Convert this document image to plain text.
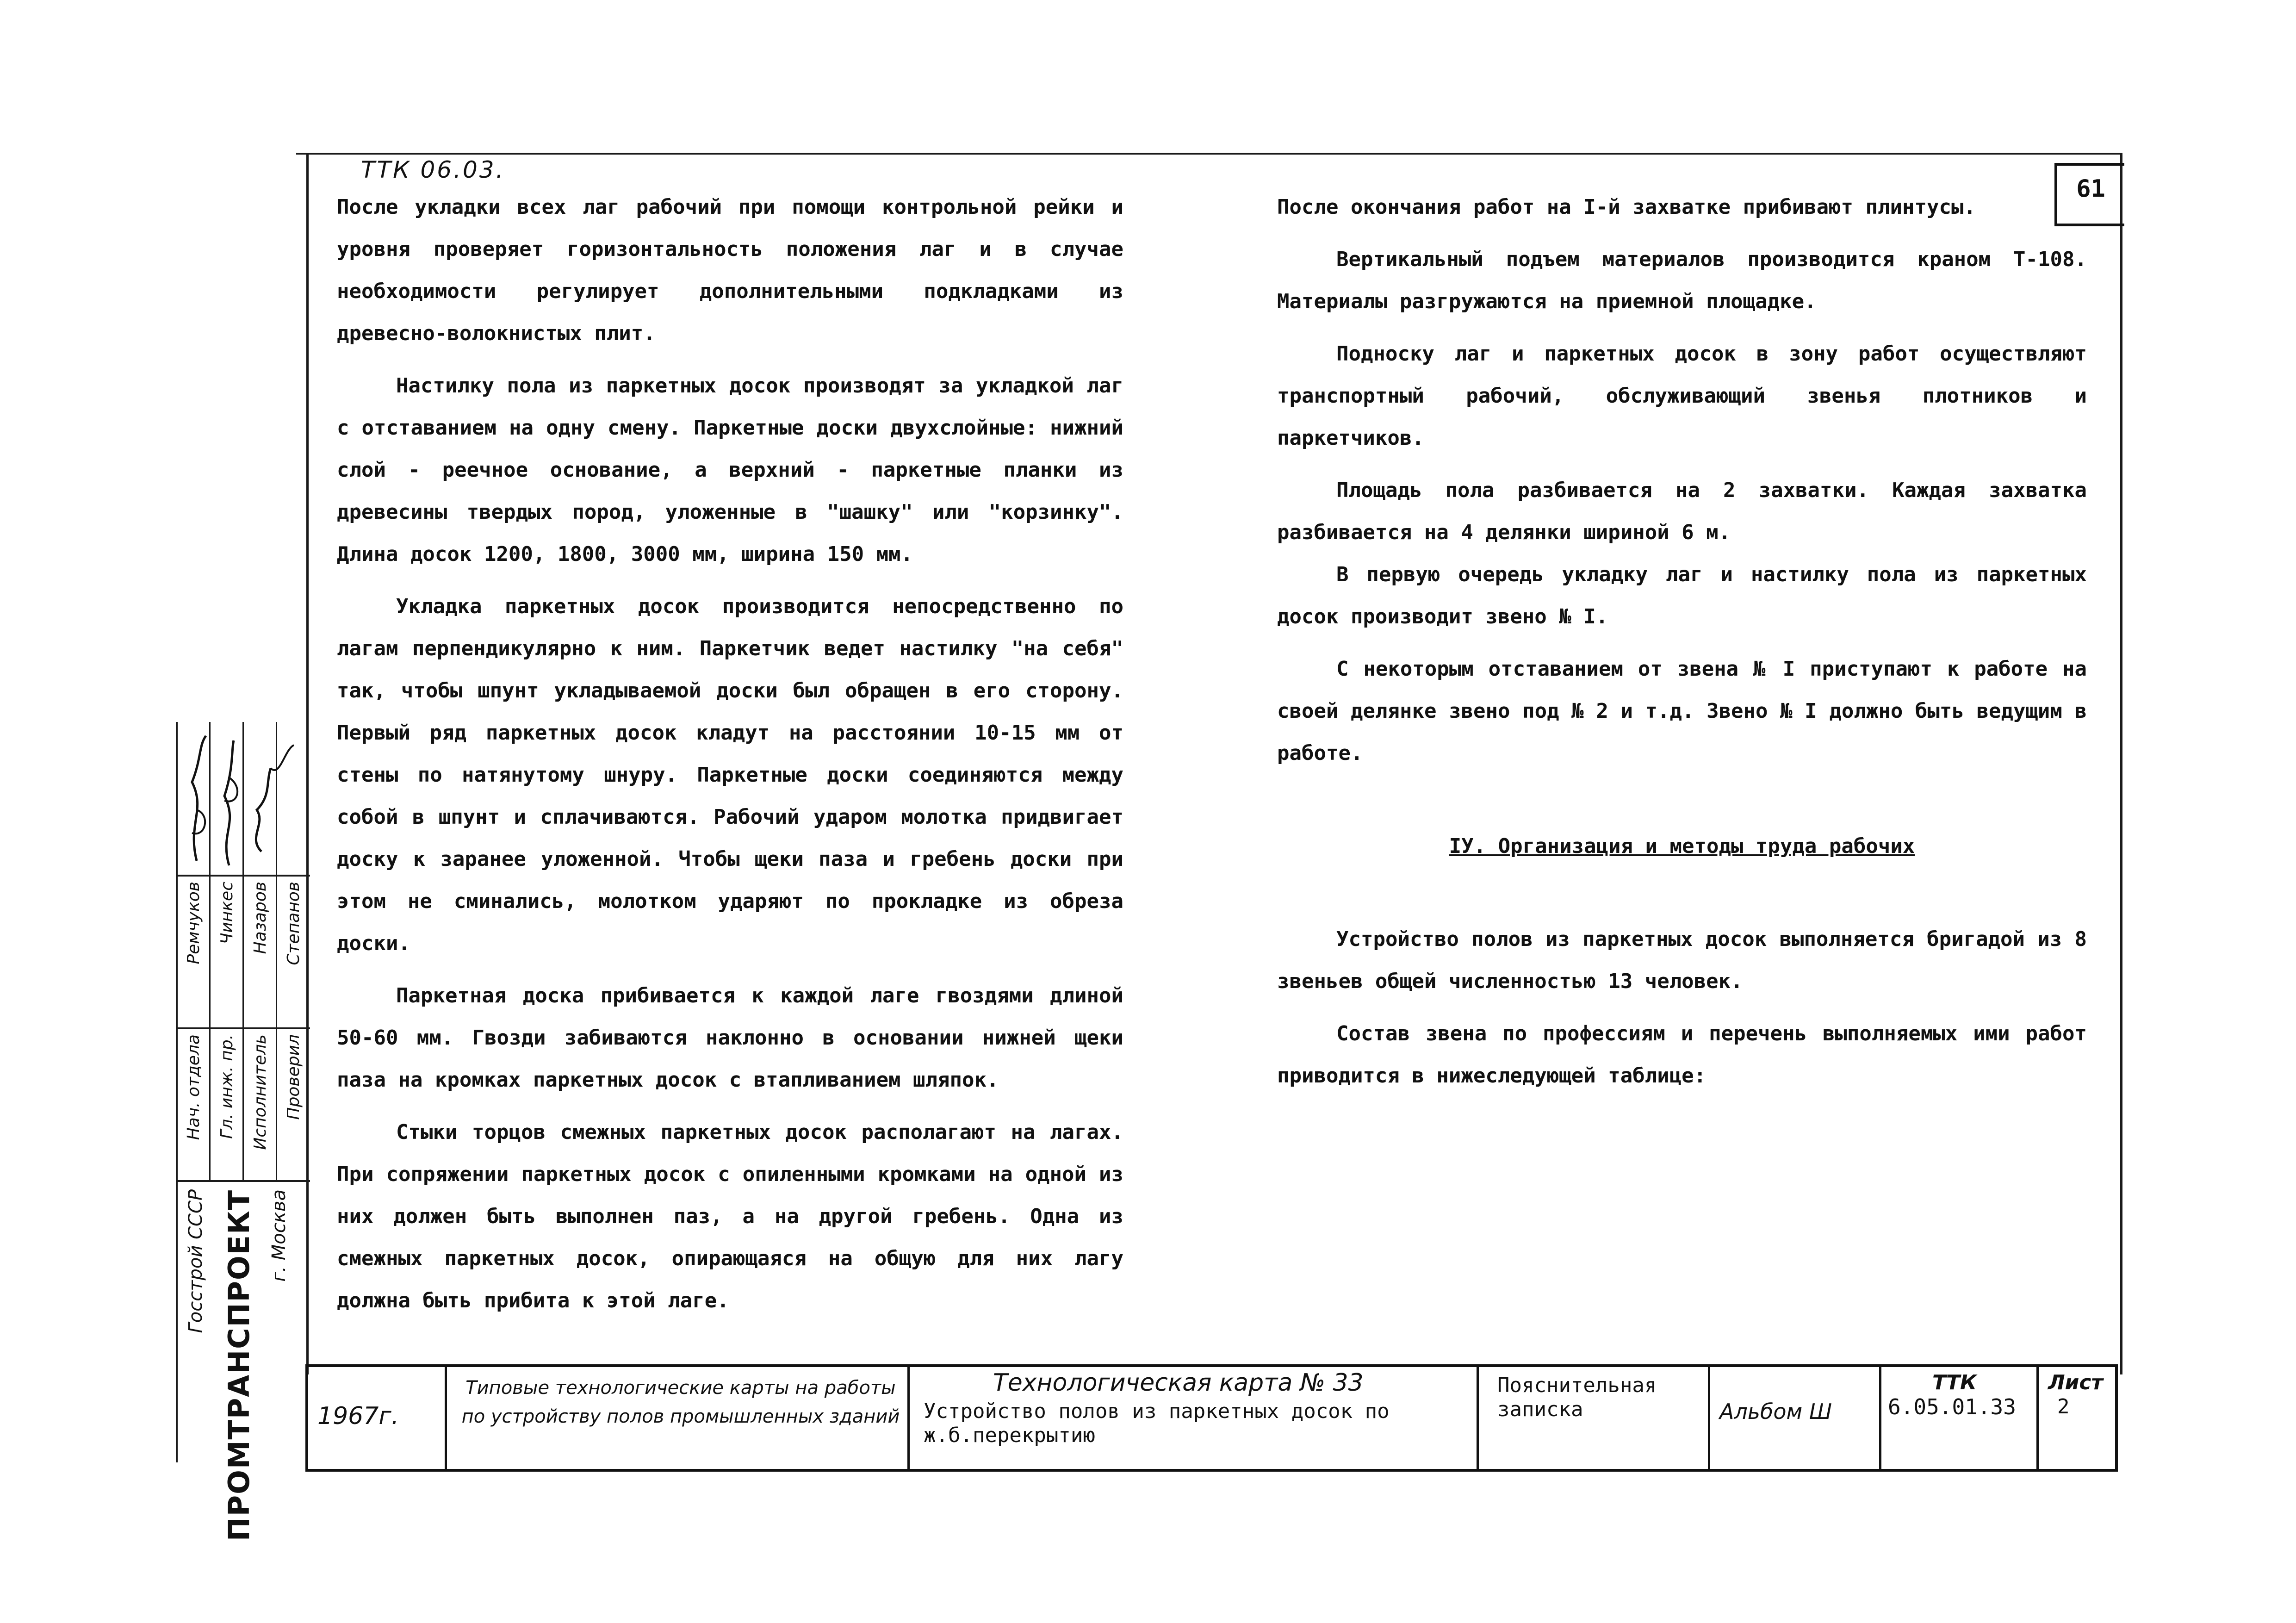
ТТК 06.03.
61

После укладки всех лаг рабочий при помощи контрольной рейки и уровня проверяет горизонтальность положения лаг и в случае необходимости регулирует дополнительными подкладками из древесно-волокнистых плит.

Настилку пола из паркетных досок производят за укладкой лаг с отставанием на одну смену. Паркетные доски двухслойные: нижний слой - реечное основание, а верхний - паркетные планки из древесины твердых пород, уложенные в "шашку" или "корзинку". Длина досок 1200, 1800, 3000 мм, ширина 150 мм.

Укладка паркетных досок производится непосредственно по лагам перпендикулярно к ним. Паркетчик ведет настилку "на себя" так, чтобы шпунт укладываемой доски был обращен в его сторону. Первый ряд паркетных досок кладут на расстоянии 10-15 мм от стены по натянутому шнуру. Паркетные доски соединяются между собой в шпунт и сплачиваются. Рабочий ударом молотка придвигает доску к заранее уложенной. Чтобы щеки паза и гребень доски при этом не сминались, молотком ударяют по прокладке из обреза доски.

Паркетная доска прибивается к каждой лаге гвоздями длиной 50-60 мм. Гвозди забиваются наклонно в основании нижней щеки паза на кромках паркетных досок с втапливанием шляпок.

Стыки торцов смежных паркетных досок располагают на лагах. При сопряжении паркетных досок с опиленными кромками на одной из них должен быть выполнен паз, а на другой гребень. Одна из смежных паркетных досок, опирающаяся на общую для них лагу должна быть прибита к этой лаге.

После окончания работ на I-й захватке прибивают плинтусы.

Вертикальный подъем материалов производится краном Т-108. Материалы разгружаются на приемной площадке.

Подноску лаг и паркетных досок в зону работ осуществляют транспортный рабочий, обслуживающий звенья плотников и паркетчиков.

Площадь пола разбивается на 2 захватки. Каждая захватка разбивается на 4 делянки шириной 6 м.

В первую очередь укладку лаг и настилку пола из паркетных досок производит звено № I.

С некоторым отставанием от звена № I приступают к работе на своей делянке звено под № 2 и т.д. Звено № I должно быть ведущим в работе.

IУ. Организация и методы труда рабочих

Устройство полов из паркетных досок выполняется бригадой из 8 звеньев общей численностью 13 человек.

Состав звена по профессиям и перечень выполняемых ими работ приводится в нижеследующей таблице:

Ремчуков Чинкес Назаров Степанов
Нач. отдела Гл. инж. пр. Исполнитель Проверил
Госстрой СССР ПРОМТРАНСПРОЕКТ г. Москва
1967г.
Типовые технологические карты на работы по устройству полов промышленных зданий
Технологическая карта № 33
Устройство полов из паркетных досок по ж.б.перекрытию
Пояснительная записка	Альбом Ш
ТТК
6.05.01.33
Лист
2
